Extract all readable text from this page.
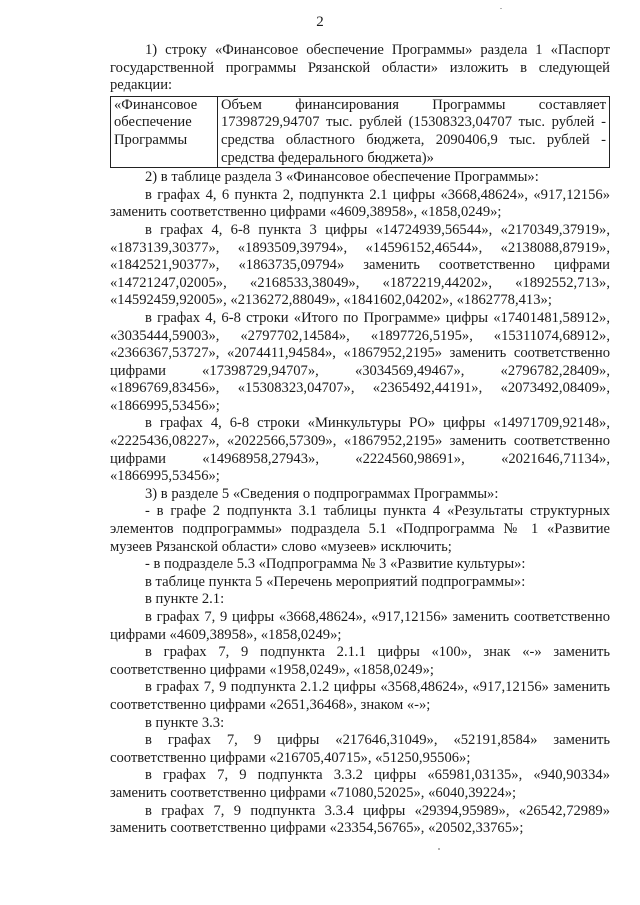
2

1) строку «Финансовое обеспечение Программы» раздела 1 «Паспорт государственной программы Рязанской области» изложить в следующей редакции:

«Финансовое обеспечение Программы	Объем финансирования Программы составляет 17398729,94707 тыс. рублей (15308323,04707 тыс. рублей - средства областного бюджета, 2090406,9 тыс. рублей - средства федерального бюджета)»

2) в таблице раздела 3 «Финансовое обеспечение Программы»:

в графах 4, 6 пункта 2, подпункта 2.1 цифры «3668,48624», «917,12156» заменить соответственно цифрами «4609,38958», «1858,0249»;

в графах 4, 6-8 пункта 3 цифры «14724939,56544», «2170349,37919», «1873139,30377», «1893509,39794», «14596152,46544», «2138088,87919», «1842521,90377», «1863735,09794» заменить соответственно цифрами «14721247,02005», «2168533,38049», «1872219,44202», «1892552,713», «14592459,92005», «2136272,88049», «1841602,04202», «1862778,413»;

в графах 4, 6-8 строки «Итого по Программе» цифры «17401481,58912», «3035444,59003», «2797702,14584», «1897726,5195», «15311074,68912», «2366367,53727», «2074411,94584», «1867952,2195» заменить соответственно цифрами «17398729,94707», «3034569,49467», «2796782,28409», «1896769,83456», «15308323,04707», «2365492,44191», «2073492,08409», «1866995,53456»;

в графах 4, 6-8 строки «Минкультуры РО» цифры «14971709,92148», «2225436,08227», «2022566,57309», «1867952,2195» заменить соответственно цифрами «14968958,27943», «2224560,98691», «2021646,71134», «1866995,53456»;

3) в разделе 5 «Сведения о подпрограммах Программы»:

- в графе 2 подпункта 3.1 таблицы пункта 4 «Результаты структурных элементов подпрограммы» подраздела 5.1 «Подпрограмма № 1 «Развитие музеев Рязанской области» слово «музеев» исключить;

- в подразделе 5.3 «Подпрограмма № 3 «Развитие культуры»:

в таблице пункта 5 «Перечень мероприятий подпрограммы»:

в пункте 2.1:

в графах 7, 9 цифры «3668,48624», «917,12156» заменить соответственно цифрами «4609,38958», «1858,0249»;

в графах 7, 9 подпункта 2.1.1 цифры «100», знак «-» заменить соответственно цифрами «1958,0249», «1858,0249»;

в графах 7, 9 подпункта 2.1.2 цифры «3568,48624», «917,12156» заменить соответственно цифрами «2651,36468», знаком «-»;

в пункте 3.3:

в графах 7, 9 цифры «217646,31049», «52191,8584» заменить соответственно цифрами «216705,40715», «51250,95506»;

в графах 7, 9 подпункта 3.3.2 цифры «65981,03135», «940,90334» заменить соответственно цифрами «71080,52025», «6040,39224»;

в графах 7, 9 подпункта 3.3.4 цифры «29394,95989», «26542,72989» заменить соответственно цифрами «23354,56765», «20502,33765»;
